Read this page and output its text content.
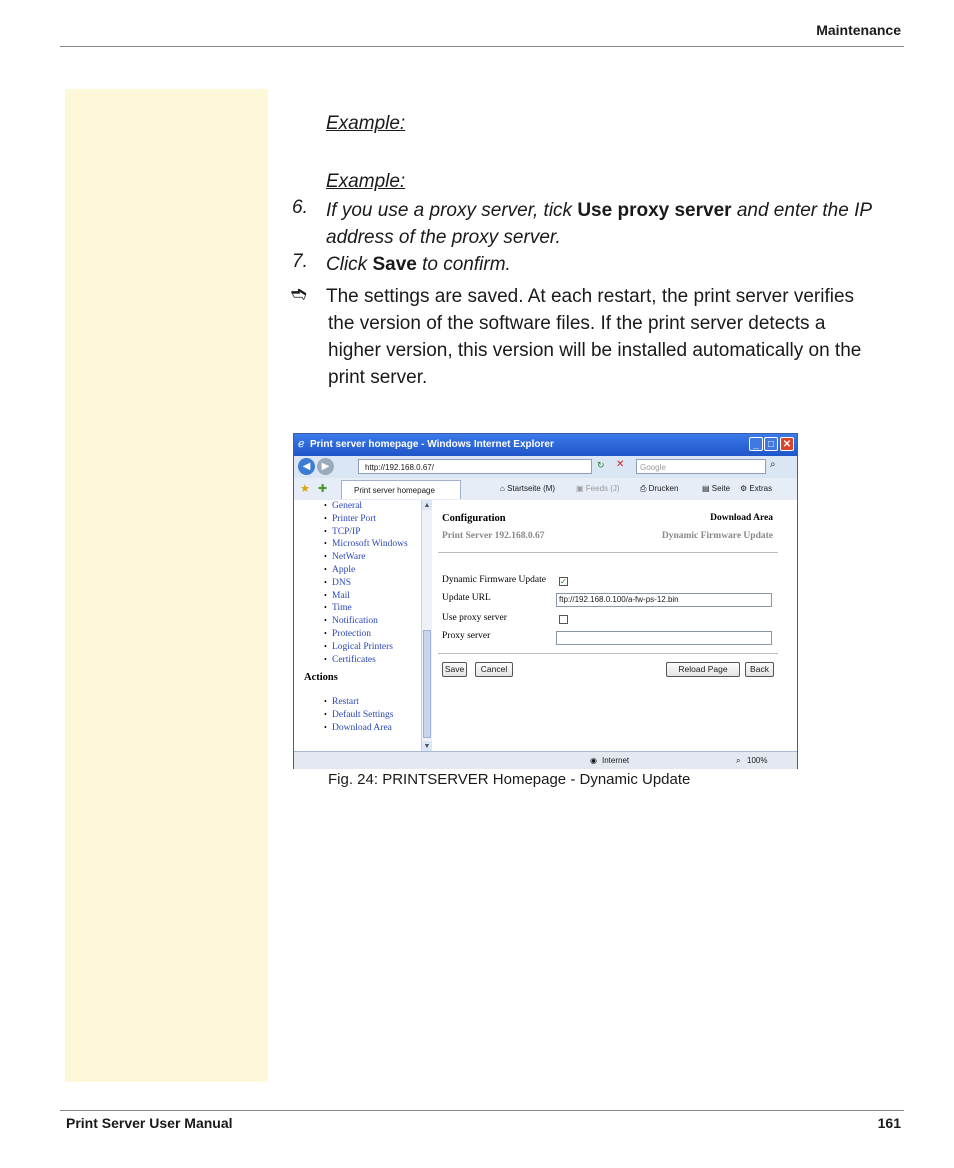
Maintenance
Example:
Example:
6. If you use a proxy server, tick Use proxy server and enter the IP
address of the proxy server.
7. Click Save to confirm.
➬ The settings are saved. At each restart, the print server verifies
the version of the software files. If the print server detects a
higher version, this version will be installed automatically on the
print server.
ℯ Print server homepage - Windows Internet Explorer	_ □ ✕
◀	▶	http://192.168.0.67/	↻ ✕	Google	⌕
★ ✚	Print server homepage	⌂ Startseite (M)	▣ Feeds (J)	⎙ Drucken	▤ Seite ⚙ Extras
• General
• Printer Port
• TCP/IP
• Microsoft Windows
• NetWare
• Apple
• DNS
• Mail
• Time
• Notification
• Protection
• Logical Printers
• Certificates
Actions
• Restart
• Default Settings
• Download Area
▲
▼
Configuration
Print Server 192.168.0.67
Download Area
Dynamic Firmware Update
Dynamic Firmware Update ✓
Update URL	ftp://192.168.0.100/a-fw-ps-12.bin
Use proxy server
Proxy server
Save	Cancel	Reload Page	Back
◉ Internet	⌕ 100%
Fig. 24: PRINTSERVER Homepage - Dynamic Update
Print Server User Manual	161
